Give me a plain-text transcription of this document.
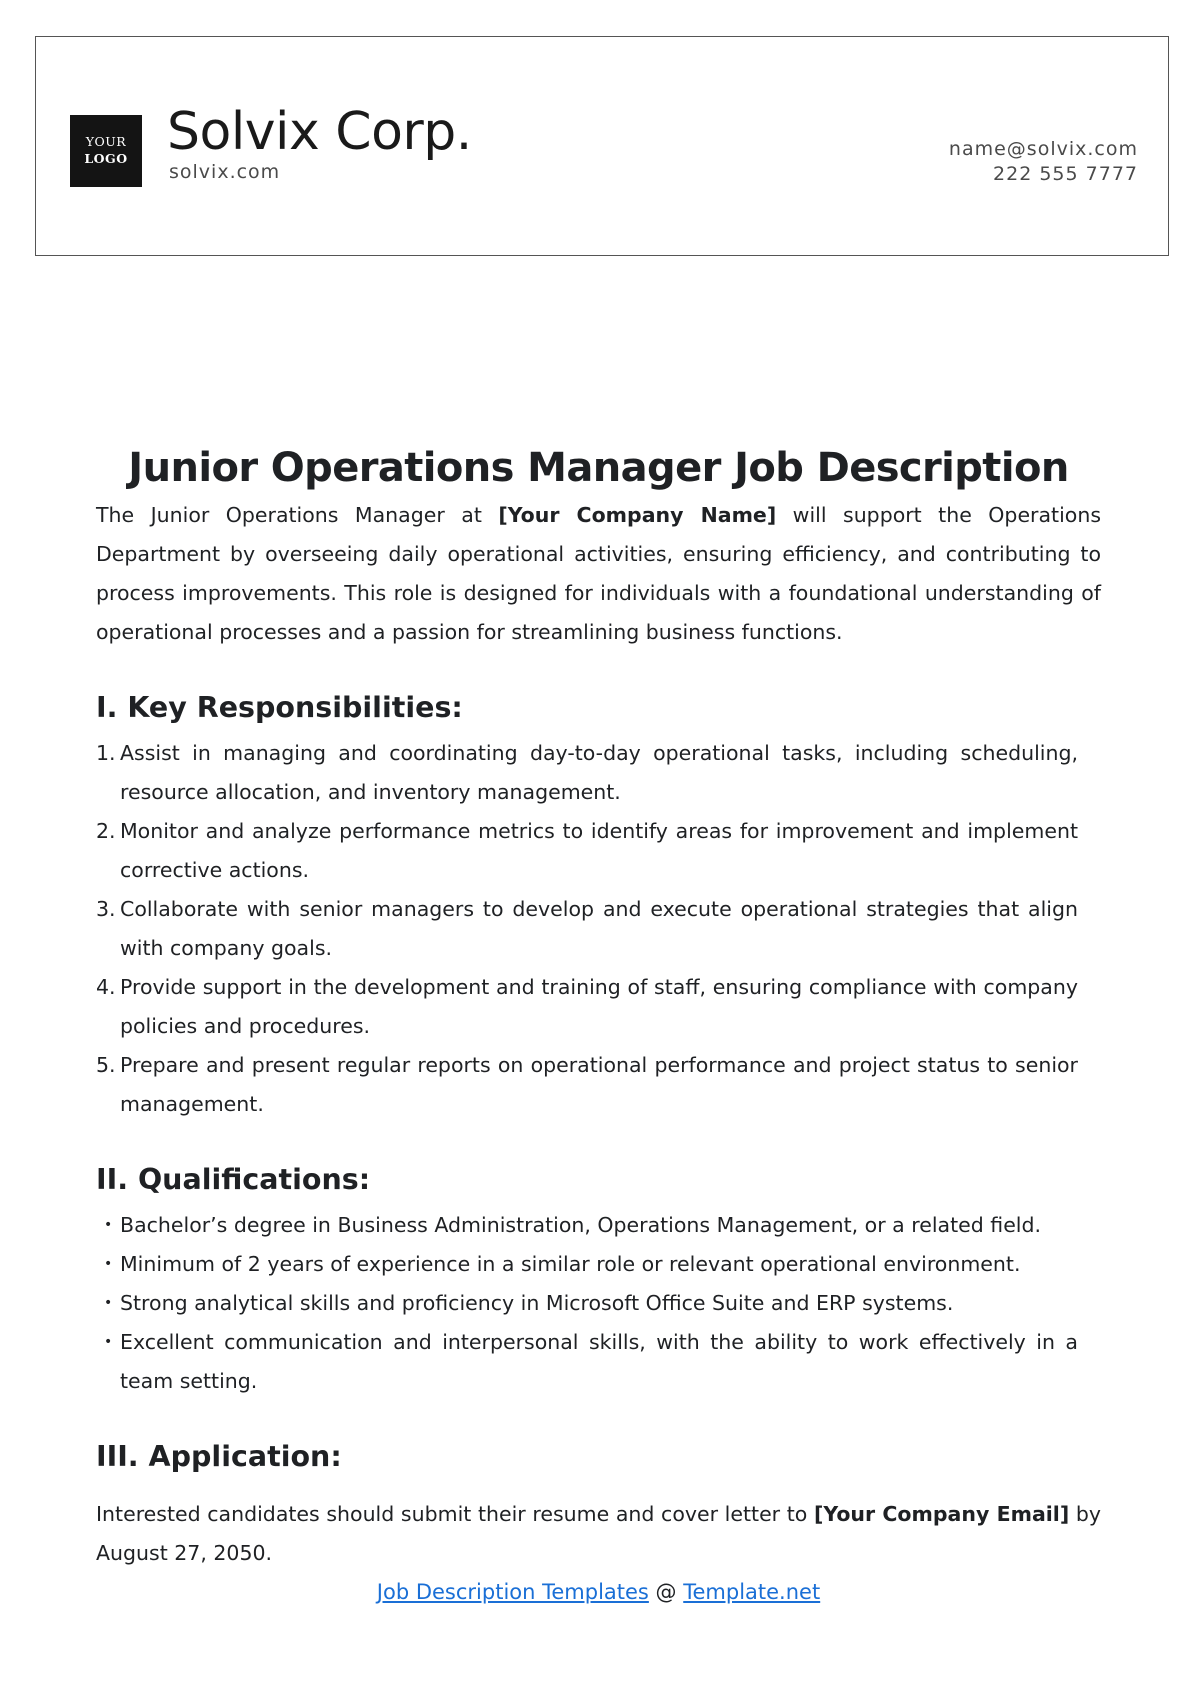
YOUR
LOGO Solvix Corp.
solvix.com
name@solvix.com
222 555 7777
Junior Operations Manager Job Description

The Junior Operations Manager at [Your Company Name] will support the Operations Department by overseeing daily operational activities, ensuring efficiency, and contributing to process improvements. This role is designed for individuals with a foundational understanding of operational processes and a passion for streamlining business functions.

I. Key Responsibilities:
1. Assist in managing and coordinating day-to-day operational tasks, including scheduling, resource allocation, and inventory management.
2. Monitor and analyze performance metrics to identify areas for improvement and implement corrective actions.
3. Collaborate with senior managers to develop and execute operational strategies that align with company goals.
4. Provide support in the development and training of staff, ensuring compliance with company policies and procedures.
5. Prepare and present regular reports on operational performance and project status to senior management.
II. Qualifications:
• Bachelor’s degree in Business Administration, Operations Management, or a related field.
• Minimum of 2 years of experience in a similar role or relevant operational environment.
• Strong analytical skills and proficiency in Microsoft Office Suite and ERP systems.
• Excellent communication and interpersonal skills, with the ability to work effectively in a team setting.
III. Application:

Interested candidates should submit their resume and cover letter to [Your Company Email] by August 27, 2050.

Job Description Templates @ Template.net
